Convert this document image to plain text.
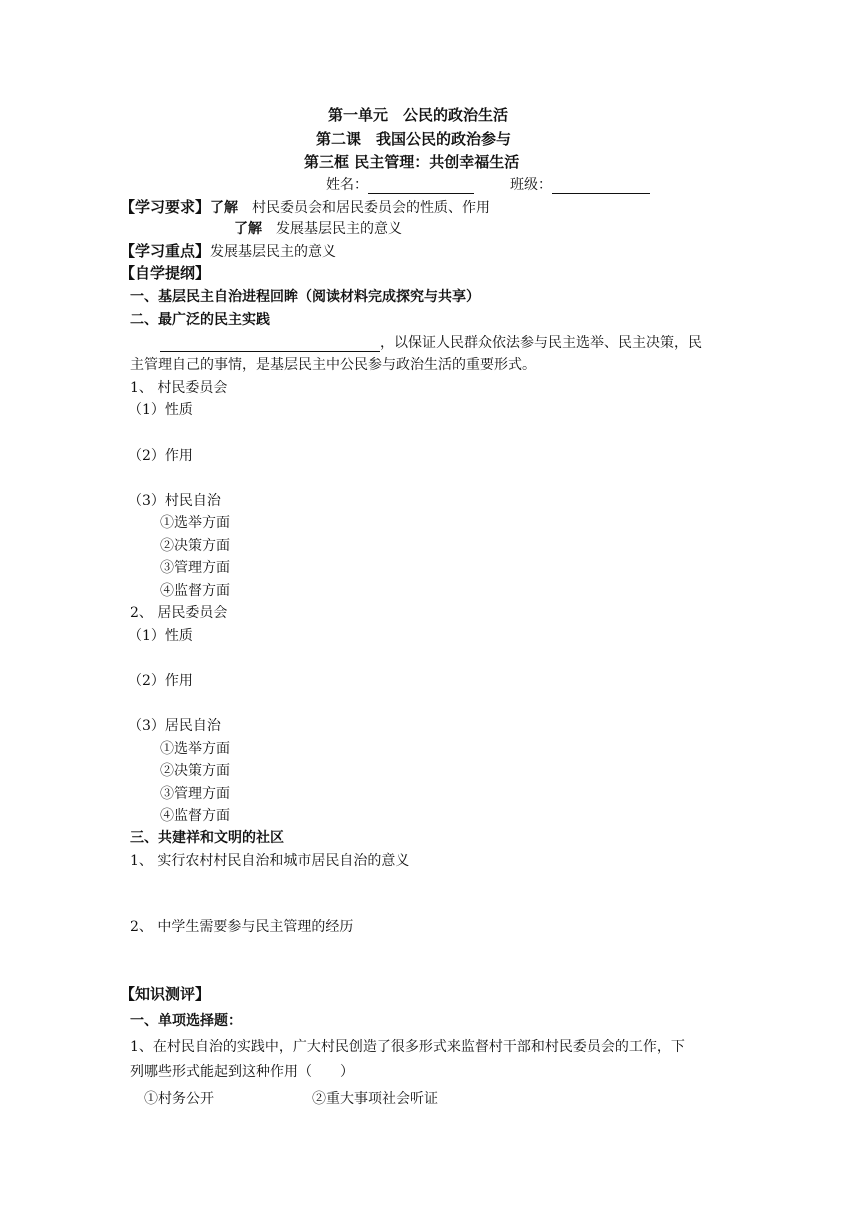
第一单元　公民的政治生活
第二课　我国公民的政治参与
第三框 民主管理：共创幸福生活
姓名：	班级：
【学习要求】了解 村民委员会和居民委员会的性质、作用
了解 发展基层民主的意义
【学习重点】发展基层民主的意义
【自学提纲】
一、基层民主自治进程回眸（阅读材料完成探究与共享）
二、最广泛的民主实践
，以保证人民群众依法参与民主选举、民主决策，民
主管理自己的事情，是基层民主中公民参与政治生活的重要形式。
1、 村民委员会
（1）性质
（2）作用
（3）村民自治
①选举方面
②决策方面
③管理方面
④监督方面
2、 居民委员会
（1）性质
（2）作用
（3）居民自治
①选举方面
②决策方面
③管理方面
④监督方面
三、共建祥和文明的社区
1、 实行农村村民自治和城市居民自治的意义
2、 中学生需要参与民主管理的经历
【知识测评】
一、单项选择题：
1、在村民自治的实践中，广大村民创造了很多形式来监督村干部和村民委员会的工作，下
列哪些形式能起到这种作用（　　）
①村务公开	②重大事项社会听证
